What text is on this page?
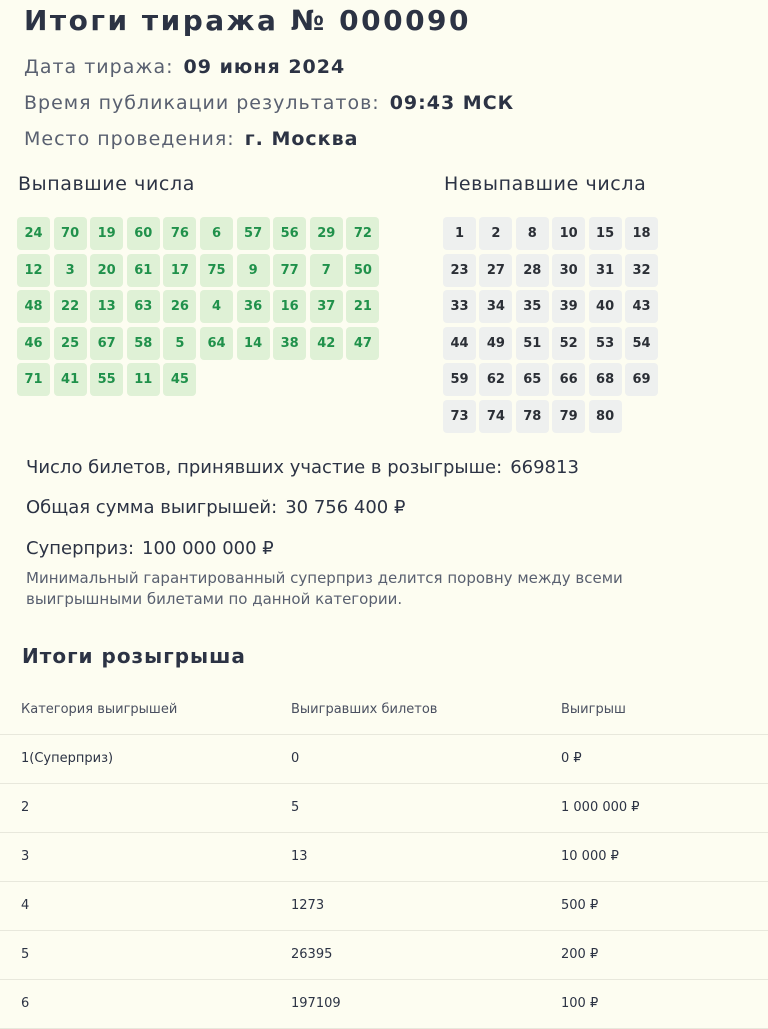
Итоги тиража № 000090
Дата тиража: 09 июня 2024
Время публикации результатов: 09:43 МСК
Место проведения: г. Москва
Выпавшие числа	Невыпавшие числа
24	70	19	60	76	6	57	56	29	72
12	3	20	61	17	75	9	77	7	50
48	22	13	63	26	4	36	16	37	21
46	25	67	58	5	64	14	38	42	47
71	41	55	11	45
1	2	8	10	15	18
23	27	28	30	31	32
33	34	35	39	40	43
44	49	51	52	53	54
59	62	65	66	68	69
73	74	78	79	80
Число билетов, принявших участие в розыгрыше: 669813
Общая сумма выигрышей: 30 756 400 ₽
Суперприз: 100 000 000 ₽
Минимальный гарантированный суперприз делится поровну между всеми выигрышными билетами по данной категории.
Итоги розыгрыша
Категория выигрышей	Выигравших билетов	Выигрыш
1(Суперприз)	0	0 ₽
2	5	1 000 000 ₽
3	13	10 000 ₽
4	1273	500 ₽
5	26395	200 ₽
6	197109	100 ₽
